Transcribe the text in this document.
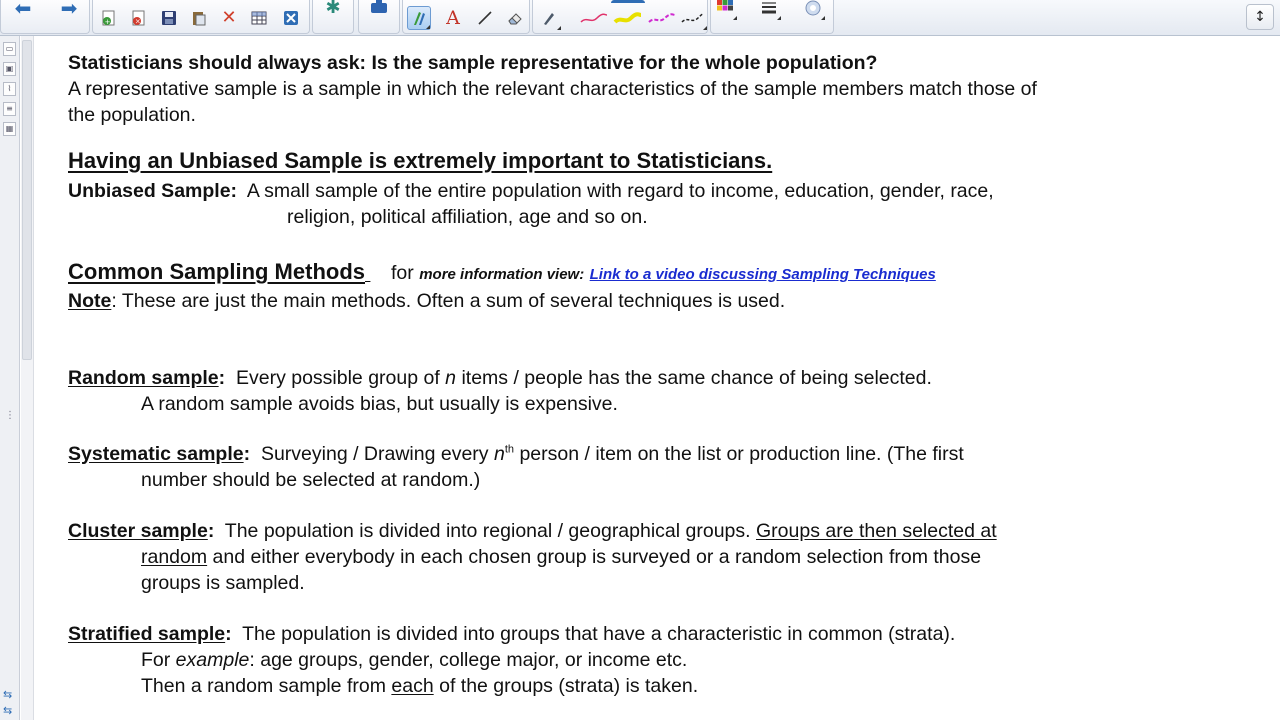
⬅ ➡
+	×	✕	✱	A	↕
▭
▣
⌇
≡
▦
⋮
⇆
⇆

Statisticians should always ask: Is the sample representative for the whole population?

A representative sample is a sample in which the relevant characteristics of the sample members match those of

the population.

Having an Unbiased Sample is extremely important to Statisticians.

Unbiased Sample: A small sample of the entire population with regard to income, education, gender, race,

religion, political affiliation, age and so on.

Common Sampling Methods for more information view: Link to a video discussing Sampling Techniques

Note: These are just the main methods. Often a sum of several techniques is used.

Random sample: Every possible group of n items / people has the same chance of being selected.

A random sample avoids bias, but usually is expensive.

Systematic sample: Surveying / Drawing every $n^{th}$ person / item on the list or production line. (The first

number should be selected at random.)

Cluster sample: The population is divided into regional / geographical groups. Groups are then selected at

random and either everybody in each chosen group is surveyed or a random selection from those

groups is sampled.

Stratified sample: The population is divided into groups that have a characteristic in common (strata).

For example: age groups, gender, college major, or income etc.

Then a random sample from each of the groups (strata) is taken.
